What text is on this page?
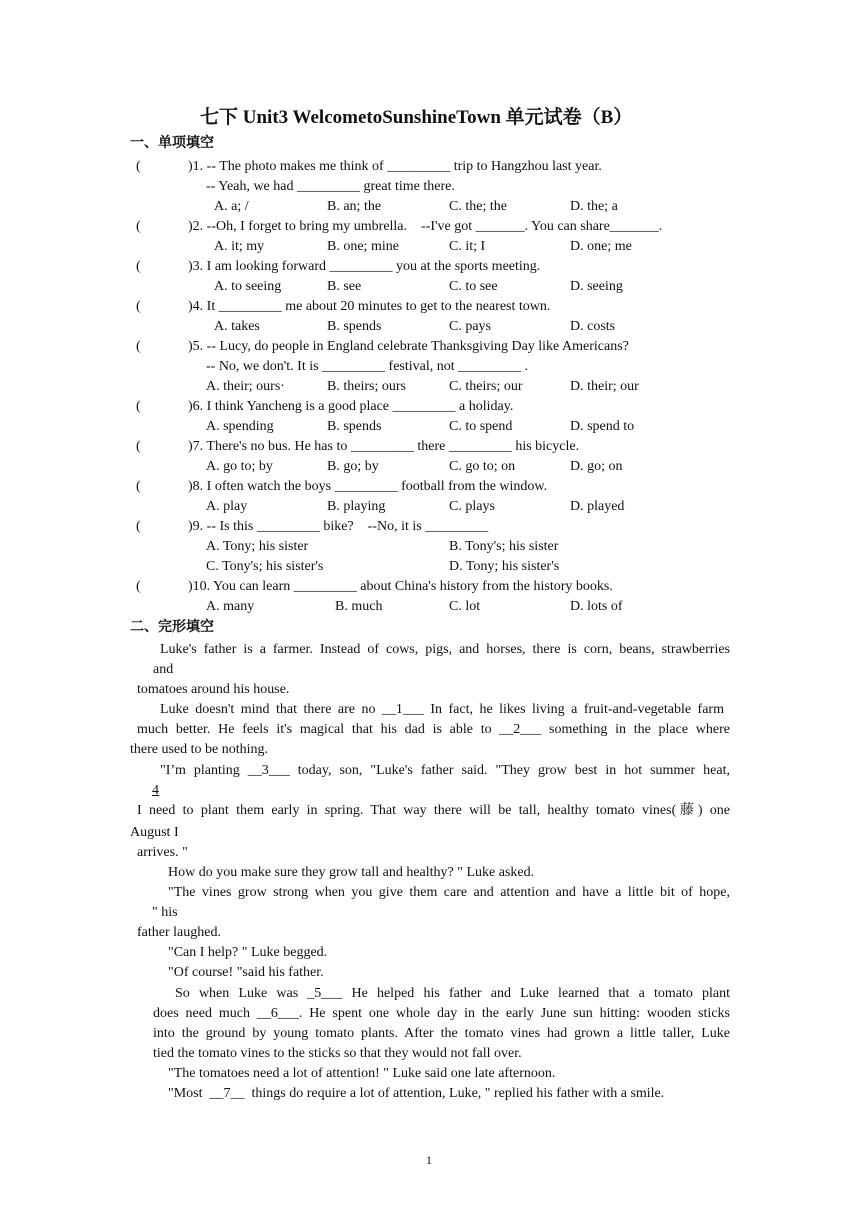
七下 Unit3 WelcometoSunshineTown 单元试卷（B）
一、单项填空
(	)1. -- The photo makes me think of _________ trip to Hangzhou last year.
-- Yeah, we had _________ great time there.
A. a; /	B. an; the	C. the; the	D. the; a
(	)2. --Oh, I forget to bring my umbrella.    --I've got _______. You can share_______.
A. it; my	B. one; mine	C. it; I	D. one; me
(	)3. I am looking forward _________ you at the sports meeting.
A. to seeing	B. see	C. to see	D. seeing
(	)4. It _________ me about 20 minutes to get to the nearest town.
A. takes	B. spends	C. pays	D. costs
(	)5. -- Lucy, do people in England celebrate Thanksgiving Day like Americans?
-- No, we don't. It is _________ festival, not _________ .
A. their; ours·	B. theirs; ours	C. theirs; our	D. their; our
(	)6. I think Yancheng is a good place _________ a holiday.
A. spending	B. spends	C. to spend	D. spend to
(	)7. There's no bus. He has to _________ there _________ his bicycle.
A. go to; by	B. go; by	C. go to; on	D. go; on
(	)8. I often watch the boys _________ football from the window.
A. play	B. playing	C. plays	D. played
(	)9. -- Is this _________ bike?    --No, it is _________
A. Tony; his sister	B. Tony's; his sister
C. Tony's; his sister's	D. Tony; his sister's
(	)10. You can learn _________ about China's history from the history books.
A. many	B. much	C. lot	D. lots of
二、完形填空
Luke's father is a farmer. Instead of cows, pigs, and horses, there is corn, beans, strawberries
and
tomatoes around his house.
Luke doesn't mind that there are no __1___ In fact, he likes living a fruit-and-vegetable farm
much better. He feels it's magical that his dad is able to __2___ something in the place where
there used to be nothing.
"I’m planting __3___ today, son, "Luke's father said. "They grow best in hot summer heat,
4
I need to plant them early in spring. That way there will be tall, healthy tomato vines(藤) one
August I
arrives. "
How do you make sure they grow tall and healthy? " Luke asked.
"The vines grow strong when you give them care and attention and have a little bit of hope,
" his
father laughed.
"Can I help? " Luke begged.
"Of course! "said his father.
So when Luke was _5___ He helped his father and Luke learned that a tomato plant
does need much __6___. He spent one whole day in the early June sun hitting: wooden sticks
into the ground by young tomato plants. After the tomato vines had grown a little taller, Luke
tied the tomato vines to the sticks so that they would not fall over.
"The tomatoes need a lot of attention! " Luke said one late afternoon.
"Most  __7__  things do require a lot of attention, Luke, " replied his father with a smile.
1
